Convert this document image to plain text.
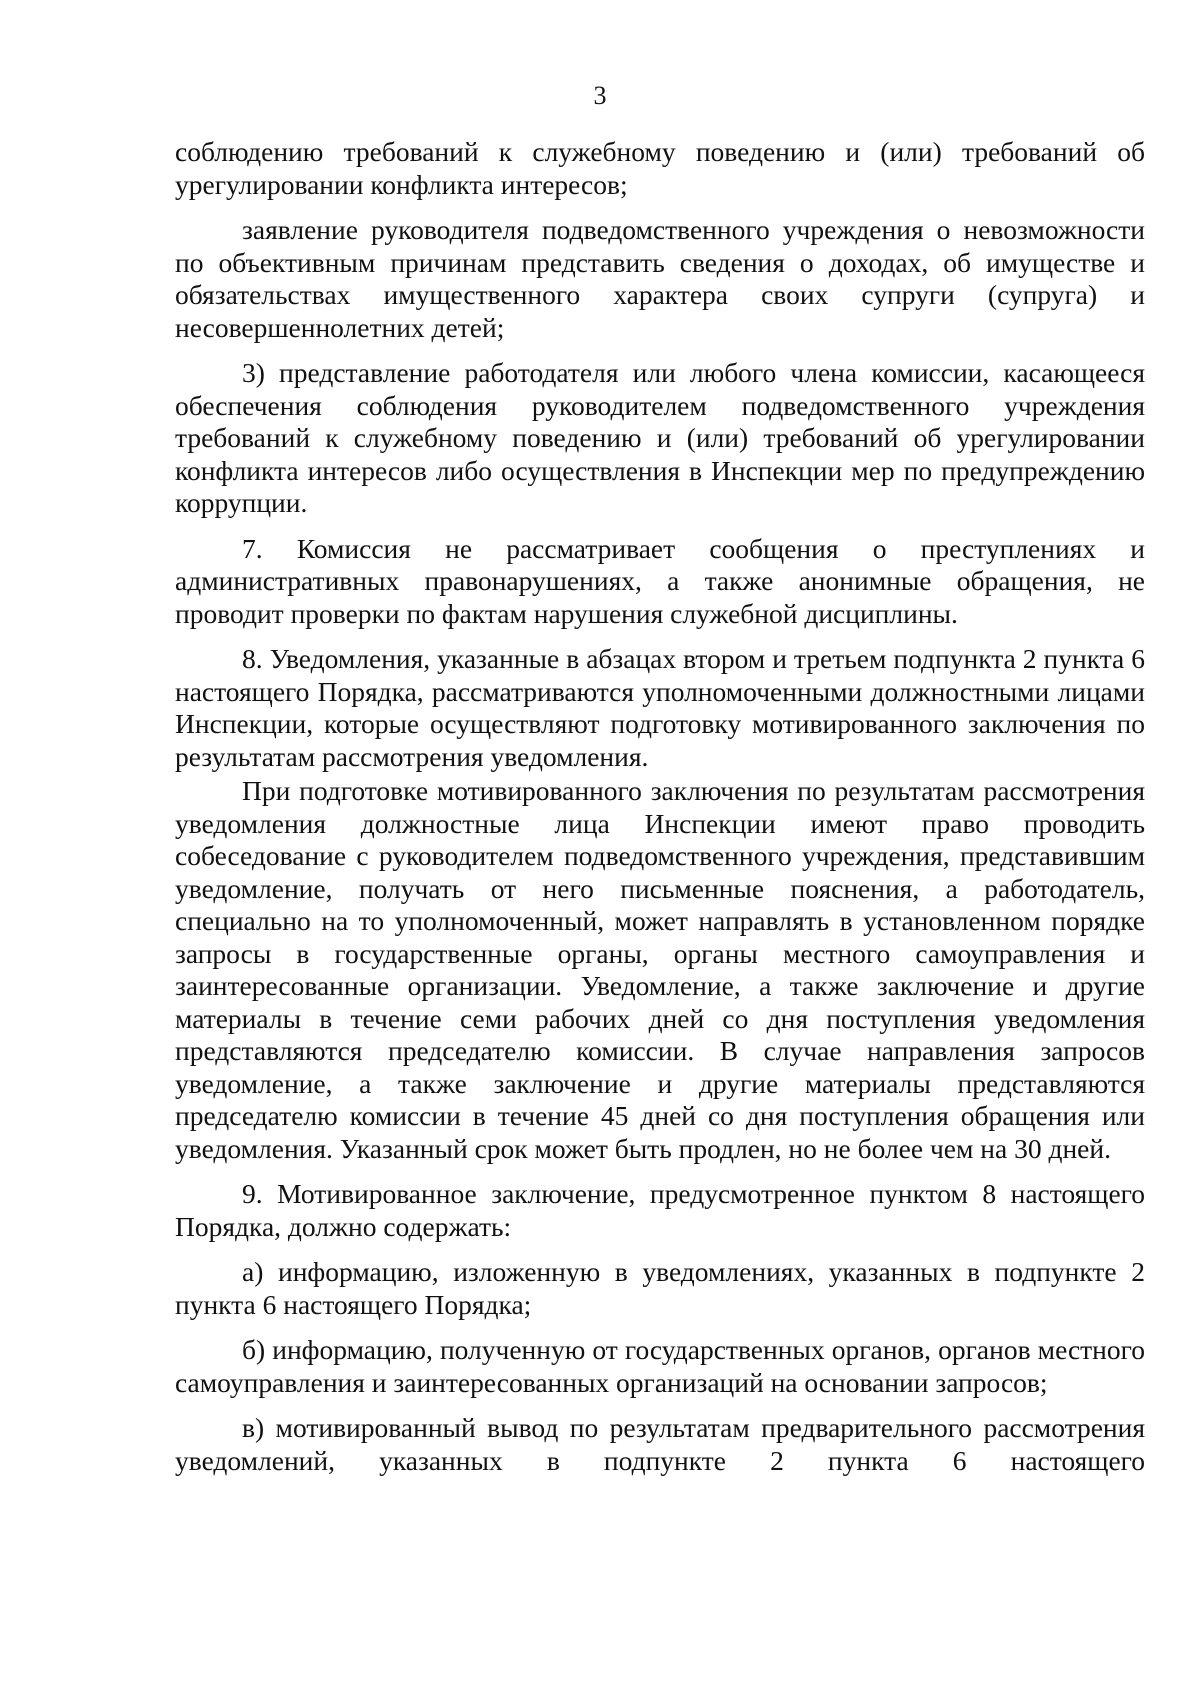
3

соблюдению требований к служебному поведению и (или) требований об урегулировании конфликта интересов;

заявление руководителя подведомственного учреждения о невозможности по объективным причинам представить сведения о доходах, об имуществе и обязательствах имущественного характера своих супруги (супруга) и несовершеннолетних детей;

3) представление работодателя или любого члена комиссии, касающееся обеспечения соблюдения руководителем подведомственного учреждения требований к служебному поведению и (или) требований об урегулировании конфликта интересов либо осуществления в Инспекции мер по предупреждению коррупции.

7. Комиссия не рассматривает сообщения о преступлениях и административных правонарушениях, а также анонимные обращения, не проводит проверки по фактам нарушения служебной дисциплины.

8. Уведомления, указанные в абзацах втором и третьем подпункта 2 пункта 6 настоящего Порядка, рассматриваются уполномоченными должностными лицами Инспекции, которые осуществляют подготовку мотивированного заключения по результатам рассмотрения уведомления.

При подготовке мотивированного заключения по результатам рассмотрения уведомления должностные лица Инспекции имеют право проводить собеседование с руководителем подведомственного учреждения, представившим уведомление, получать от него письменные пояснения, а работодатель, специально на то уполномоченный, может направлять в установленном порядке запросы в государственные органы, органы местного самоуправления и заинтересованные организации. Уведомление, а также заключение и другие материалы в течение семи рабочих дней со дня поступления уведомления представляются председателю комиссии. В случае направления запросов уведомление, а также заключение и другие материалы представляются председателю комиссии в течение 45 дней со дня поступления обращения или уведомления. Указанный срок может быть продлен, но не более чем на 30 дней.

9. Мотивированное заключение, предусмотренное пунктом 8 настоящего Порядка, должно содержать:

а) информацию, изложенную в уведомлениях, указанных в подпункте 2 пункта 6 настоящего Порядка;

б) информацию, полученную от государственных органов, органов местного самоуправления и заинтересованных организаций на основании запросов;

в) мотивированный вывод по результатам предварительного рассмотрения уведомлений, указанных в подпункте 2 пункта 6 настоящего
